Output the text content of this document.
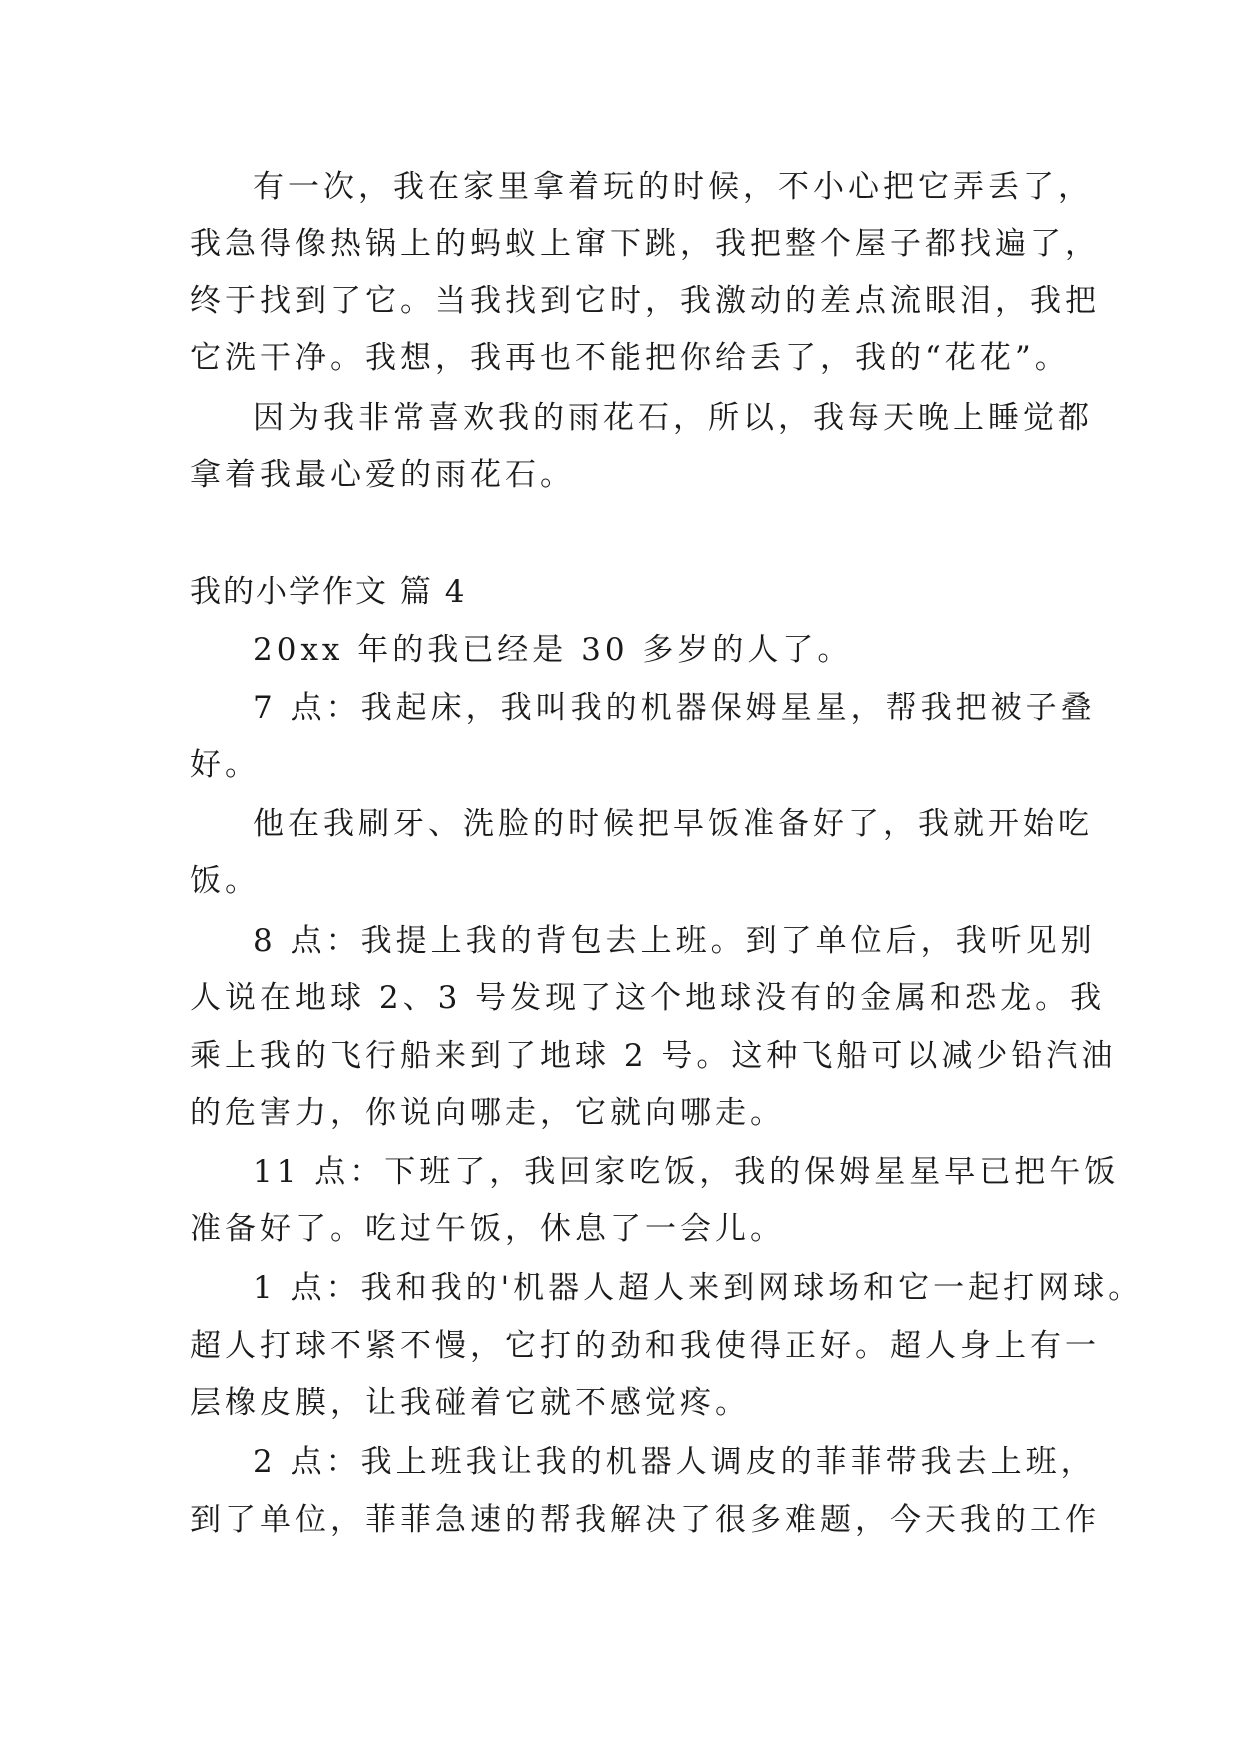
有一次，我在家里拿着玩的时候，不小心把它弄丢了，
我急得像热锅上的蚂蚁上窜下跳，我把整个屋子都找遍了，
终于找到了它。当我找到它时，我激动的差点流眼泪，我把
它洗干净。我想，我再也不能把你给丢了，我的“花花”。
因为我非常喜欢我的雨花石，所以，我每天晚上睡觉都
拿着我最心爱的雨花石。
我的小学作文 篇 4
20xx 年的我已经是 30 多岁的人了。
7 点：我起床，我叫我的机器保姆星星，帮我把被子叠
好。
他在我刷牙、洗脸的时候把早饭准备好了，我就开始吃
饭。
8 点：我提上我的背包去上班。到了单位后，我听见别
人说在地球 2、3 号发现了这个地球没有的金属和恐龙。我
乘上我的飞行船来到了地球 2 号。这种飞船可以减少铅汽油
的危害力，你说向哪走，它就向哪走。
11 点：下班了，我回家吃饭，我的保姆星星早已把午饭
准备好了。吃过午饭，休息了一会儿。
1 点：我和我的'机器人超人来到网球场和它一起打网球。
超人打球不紧不慢，它打的劲和我使得正好。超人身上有一
层橡皮膜，让我碰着它就不感觉疼。
2 点：我上班我让我的机器人调皮的菲菲带我去上班，
到了单位，菲菲急速的帮我解决了很多难题，今天我的工作
